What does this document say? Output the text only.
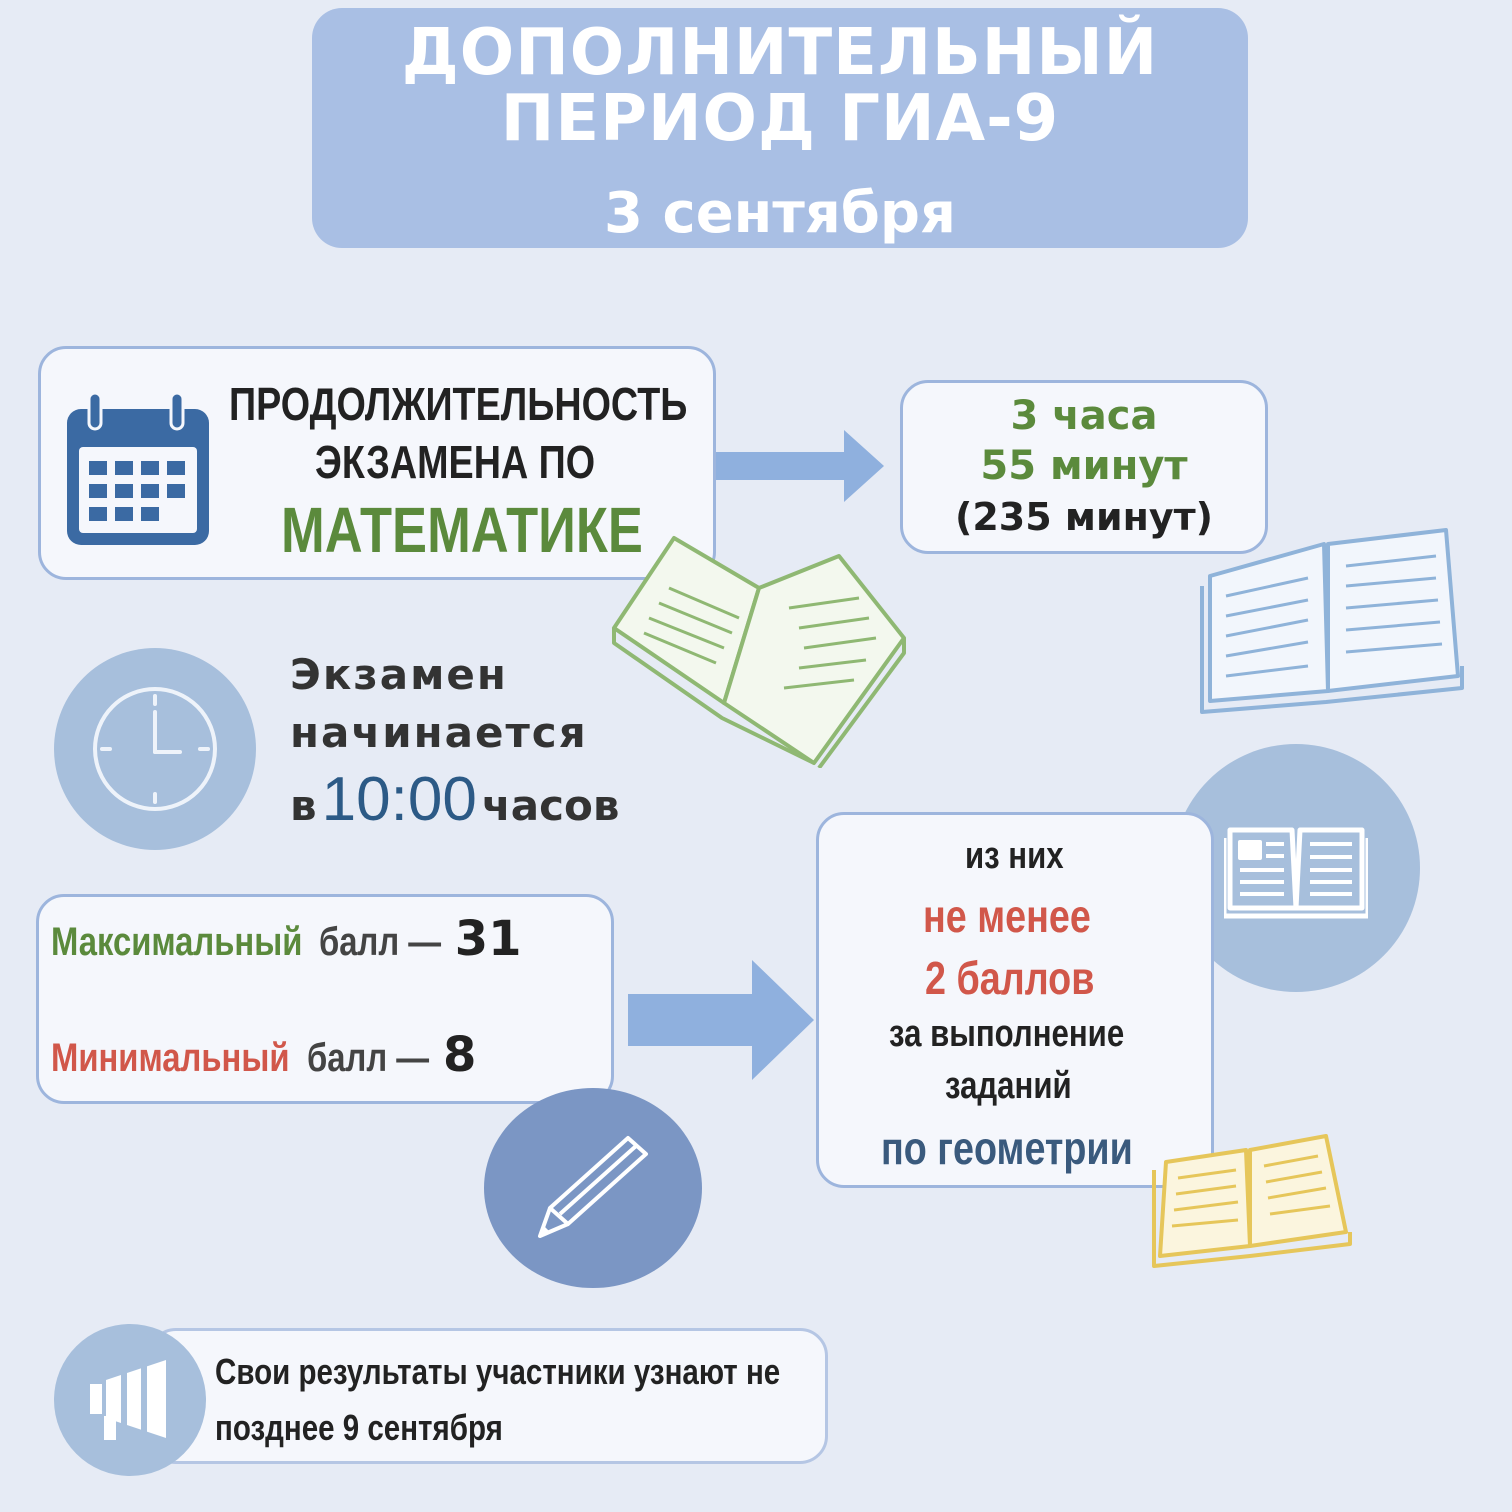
ДОПОЛНИТЕЛЬНЫЙ
ПЕРИОД ГИА-9
3 сентября
ПРОДОЛЖИТЕЛЬНОСТЬ
ЭКЗАМЕНА ПО
МАТЕМАТИКЕ
3 часа
55 минут
(235 минут)
Экзамен
начинается
в 10:00 часов
Максимальный балл — 31
Минимальный балл — 8
из них
не менее
2 баллов
за выполнение
заданий
по геометрии
Свои результаты участники узнают не
позднее 9 сентября
